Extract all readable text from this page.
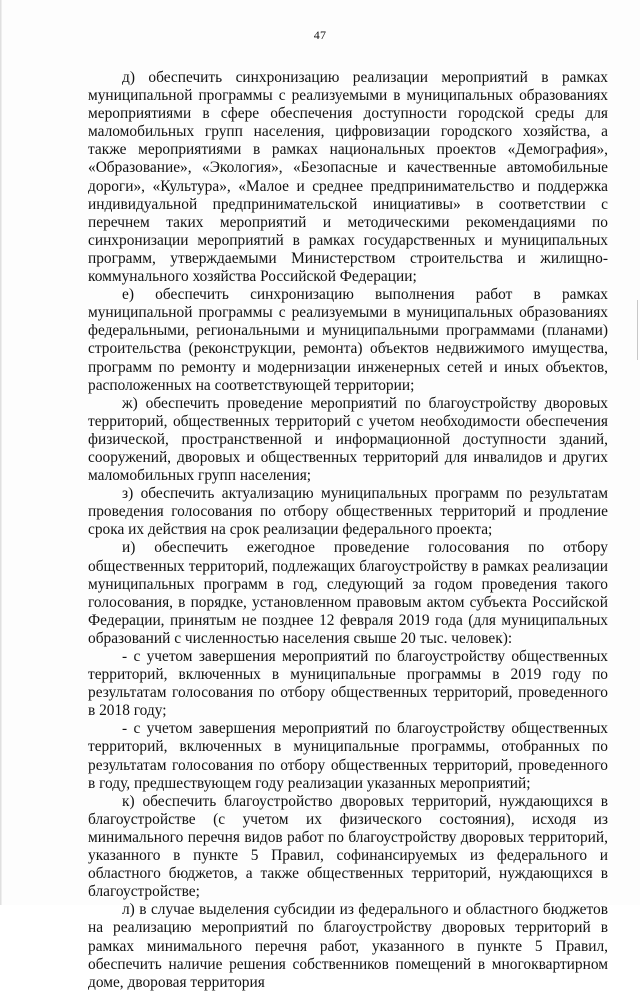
47

д) обеспечить синхронизацию реализации мероприятий в рамках муниципальной программы с реализуемыми в муниципальных образованиях мероприятиями в сфере обеспечения доступности городской среды для маломобильных групп населения, цифровизации городского хозяйства, а также мероприятиями в рамках национальных проектов «Демография», «Образование», «Экология», «Безопасные и качественные автомобильные дороги», «Культура», «Малое и среднее предпринимательство и поддержка индивидуальной предпринимательской инициативы» в соответствии с перечнем таких мероприятий и методическими рекомендациями по синхронизации мероприятий в рамках государственных и муниципальных программ, утверждаемыми Министерством строительства и жилищно-коммунального хозяйства Российской Федерации;

е) обеспечить синхронизацию выполнения работ в рамках муниципальной программы с реализуемыми в муниципальных образованиях федеральными, региональными и муниципальными программами (планами) строительства (реконструкции, ремонта) объектов недвижимого имущества, программ по ремонту и модернизации инженерных сетей и иных объектов, расположенных на соответствующей территории;

ж) обеспечить проведение мероприятий по благоустройству дворовых территорий, общественных территорий с учетом необходимости обеспечения физической, пространственной и информационной доступности зданий, сооружений, дворовых и общественных территорий для инвалидов и других маломобильных групп населения;

з) обеспечить актуализацию муниципальных программ по результатам проведения голосования по отбору общественных территорий и продление срока их действия на срок реализации федерального проекта;

и) обеспечить ежегодное проведение голосования по отбору общественных территорий, подлежащих благоустройству в рамках реализации муниципальных программ в год, следующий за годом проведения такого голосования, в порядке, установленном правовым актом субъекта Российской Федерации, принятым не позднее 12 февраля 2019 года (для муниципальных образований с численностью населения свыше 20 тыс. человек):

- с учетом завершения мероприятий по благоустройству общественных территорий, включенных в муниципальные программы в 2019 году по результатам голосования по отбору общественных территорий, проведенного в 2018 году;

- с учетом завершения мероприятий по благоустройству общественных территорий, включенных в муниципальные программы, отобранных по результатам голосования по отбору общественных территорий, проведенного в году, предшествующем году реализации указанных мероприятий;

к) обеспечить благоустройство дворовых территорий, нуждающихся в благоустройстве (с учетом их физического состояния), исходя из минимального перечня видов работ по благоустройству дворовых территорий, указанного в пункте 5 Правил, софинансируемых из федерального и областного бюджетов, а также общественных территорий, нуждающихся в благоустройстве;

л) в случае выделения субсидии из федерального и областного бюджетов на реализацию мероприятий по благоустройству дворовых территорий в рамках минимального перечня работ, указанного в пункте 5 Правил, обеспечить наличие решения собственников помещений в многоквартирном доме, дворовая территория
